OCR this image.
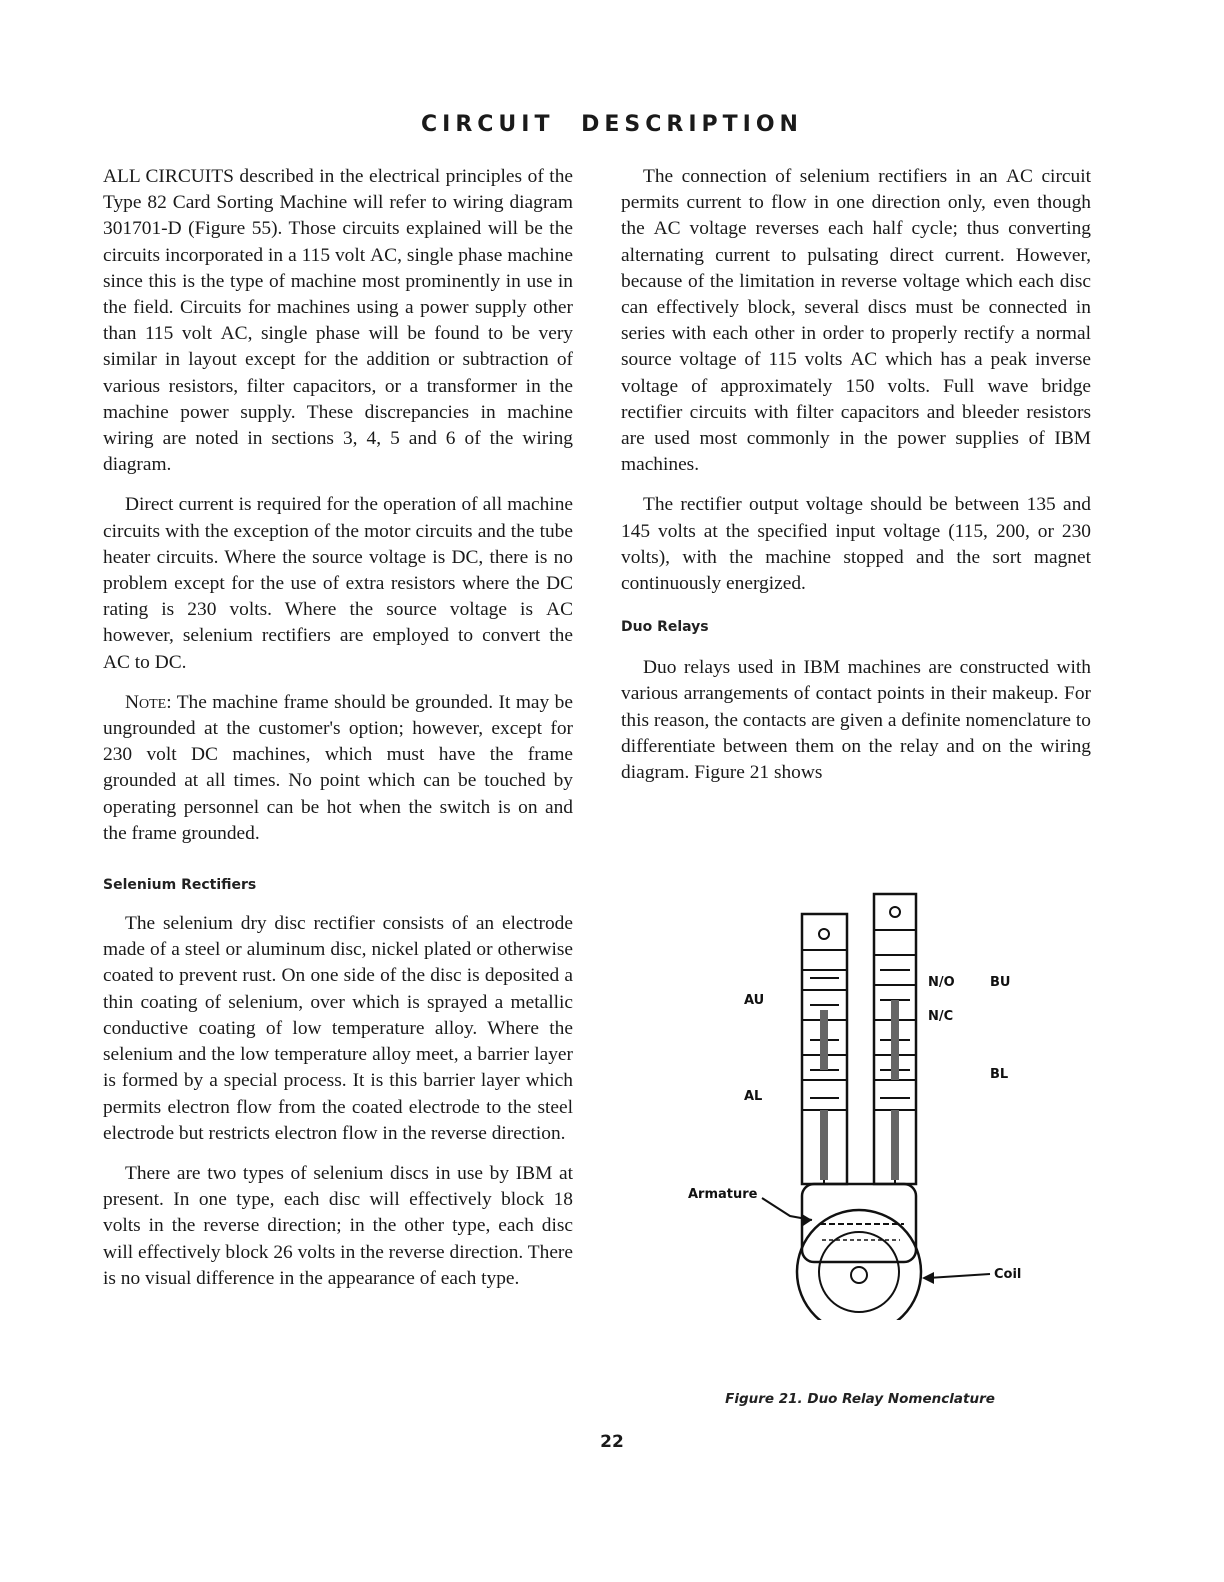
CIRCUIT DESCRIPTION

ALL CIRCUITS described in the electrical principles of the Type 82 Card Sorting Machine will refer to wiring diagram 301701-D (Figure 55). Those circuits explained will be the circuits incorporated in a 115 volt AC, single phase machine since this is the type of machine most prominently in use in the field. Circuits for machines using a power supply other than 115 volt AC, single phase will be found to be very similar in layout except for the addition or subtraction of various resistors, filter capacitors, or a transformer in the machine power supply. These discrepancies in machine wiring are noted in sections 3, 4, 5 and 6 of the wiring diagram.

Direct current is required for the operation of all machine circuits with the exception of the motor circuits and the tube heater circuits. Where the source voltage is DC, there is no problem except for the use of extra resistors where the DC rating is 230 volts. Where the source voltage is AC however, selenium rectifiers are employed to convert the AC to DC.

Note: The machine frame should be grounded. It may be ungrounded at the customer's option; however, except for 230 volt DC machines, which must have the frame grounded at all times. No point which can be touched by operating personnel can be hot when the switch is on and the frame grounded.

Selenium Rectifiers

The selenium dry disc rectifier consists of an electrode made of a steel or aluminum disc, nickel plated or otherwise coated to prevent rust. On one side of the disc is deposited a thin coating of selenium, over which is sprayed a metallic conductive coating of low temperature alloy. Where the selenium and the low temperature alloy meet, a barrier layer is formed by a special process. It is this barrier layer which permits electron flow from the coated electrode to the steel electrode but restricts electron flow in the reverse direction.

There are two types of selenium discs in use by IBM at present. In one type, each disc will effectively block 18 volts in the reverse direction; in the other type, each disc will effectively block 26 volts in the reverse direction. There is no visual difference in the appearance of each type.

The connection of selenium rectifiers in an AC circuit permits current to flow in one direction only, even though the AC voltage reverses each half cycle; thus converting alternating current to pulsating direct current. However, because of the limitation in reverse voltage which each disc can effectively block, several discs must be connected in series with each other in order to properly rectify a normal source voltage of 115 volts AC which has a peak inverse voltage of approximately 150 volts. Full wave bridge rectifier circuits with filter capacitors and bleeder resistors are used most commonly in the power supplies of IBM machines.

The rectifier output voltage should be between 135 and 145 volts at the specified input voltage (115, 200, or 230 volts), with the machine stopped and the sort magnet continuously energized.

Duo Relays

Duo relays used in IBM machines are constructed with various arrangements of contact points in their makeup. For this reason, the contacts are given a definite nomenclature to differentiate between them on the relay and on the wiring diagram. Figure 21 shows

AU
AL
N/O
N/C
BU
BL
Armature
Coil
Figure 21. Duo Relay Nomenclature
22
